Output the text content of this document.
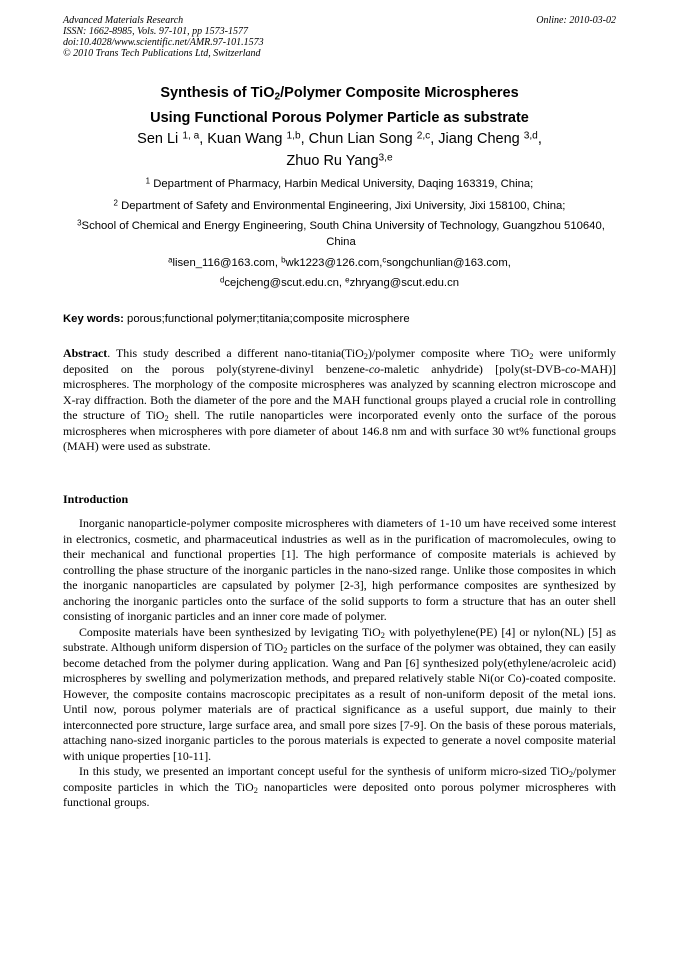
Advanced Materials Research
ISSN: 1662-8985, Vols. 97-101, pp 1573-1577
doi:10.4028/www.scientific.net/AMR.97-101.1573
© 2010 Trans Tech Publications Ltd, Switzerland
Online: 2010-03-02
Synthesis of TiO$_2$/Polymer Composite Microspheres
Using Functional Porous Polymer Particle as substrate
Sen Li $^{1, a}$, Kuan Wang $^{1,b}$, Chun Lian Song $^{2,c}$, Jiang Cheng $^{3,d}$,
Zhuo Ru Yang$^{3,e}$
$^1$ Department of Pharmacy, Harbin Medical University, Daqing 163319, China;
$^2$ Department of Safety and Environmental Engineering, Jixi University, Jixi 158100, China;
$^3$School of Chemical and Energy Engineering, South China University of Technology, Guangzhou 510640, China
$^a$lisen_116@163.com, $^b$wk1223@126.com,$^c$songchunlian@163.com,
$^d$cejcheng@scut.edu.cn, $^e$zhryang@scut.edu.cn
Key words: porous;functional polymer;titania;composite microsphere
Abstract. This study described a different nano-titania(TiO$_2$)/polymer composite where TiO$_2$ were uniformly deposited on the porous poly(styrene-divinyl benzene-co-maletic anhydride) [poly(st-DVB-co-MAH)] microspheres. The morphology of the composite microspheres was analyzed by scanning electron microscope and X-ray diffraction. Both the diameter of the pore and the MAH functional groups played a crucial role in controlling the structure of TiO$_2$ shell. The rutile nanoparticles were incorporated evenly onto the surface of the porous microspheres when microspheres with pore diameter of about 146.8 nm and with surface 30 wt% functional groups (MAH) were used as substrate.
Introduction

Inorganic nanoparticle-polymer composite microspheres with diameters of 1-10 um have received some interest in electronics, cosmetic, and pharmaceutical industries as well as in the purification of macromolecules, owing to their mechanical and functional properties [1]. The high performance of composite materials is achieved by controlling the phase structure of the inorganic particles in the nano-sized range. Unlike those composites in which the inorganic nanoparticles are capsulated by polymer [2-3], high performance composites are synthesized by anchoring the inorganic particles onto the surface of the solid supports to form a structure that has an outer shell consisting of inorganic particles and an inner core made of polymer.

Composite materials have been synthesized by levigating TiO$_2$ with polyethylene(PE) [4] or nylon(NL) [5] as substrate. Although uniform dispersion of TiO$_2$ particles on the surface of the polymer was obtained, they can easily become detached from the polymer during application. Wang and Pan [6] synthesized poly(ethylene/acroleic acid) microspheres by swelling and polymerization methods, and prepared relatively stable Ni(or Co)-coated composite. However, the composite contains macroscopic precipitates as a result of non-uniform deposit of the metal ions. Until now, porous polymer materials are of practical significance as a useful support, due mainly to their interconnected pore structure, large surface area, and small pore sizes [7-9]. On the basis of these porous materials, attaching nano-sized inorganic particles to the porous materials is expected to generate a novel composite material with unique properties [10-11].

In this study, we presented an important concept useful for the synthesis of uniform micro-sized TiO$_2$/polymer composite particles in which the TiO$_2$ nanoparticles were deposited onto porous polymer microspheres with functional groups.
